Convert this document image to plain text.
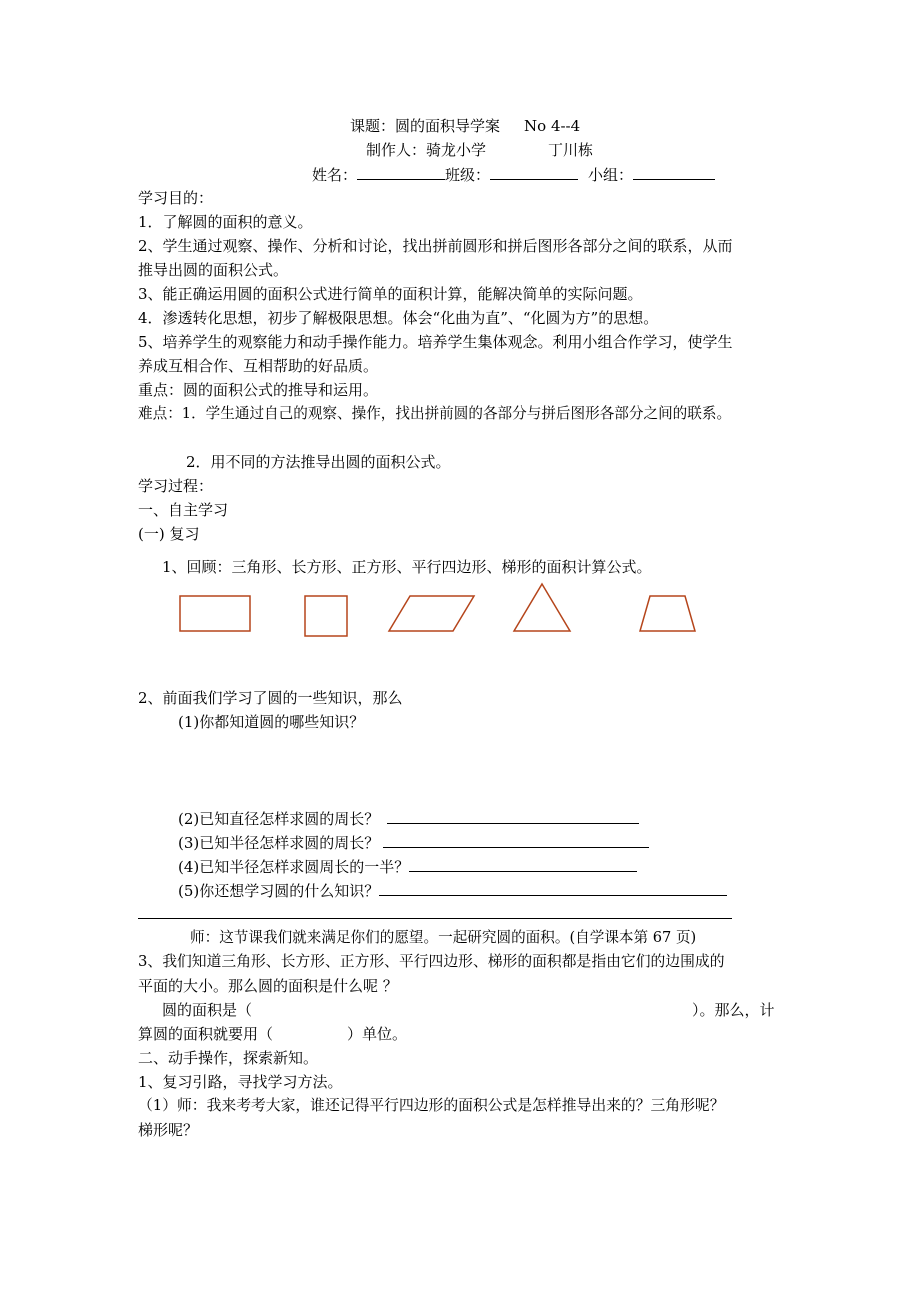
课题：圆的面积导学案 No 4--4
制作人：骑龙小学	丁川栋
姓名：	班级：	小组：
学习目的：
1．了解圆的面积的意义。
2、学生通过观察、操作、分析和讨论，找出拼前圆形和拼后图形各部分之间的联系，从而
推导出圆的面积公式。
3、能正确运用圆的面积公式进行简单的面积计算，能解决简单的实际问题。
4．渗透转化思想，初步了解极限思想。体会“化曲为直”、“化圆为方”的思想。
5、培养学生的观察能力和动手操作能力。培养学生集体观念。利用小组合作学习，使学生
养成互相合作、互相帮助的好品质。
重点：圆的面积公式的推导和运用。
难点：1．学生通过自己的观察、操作，找出拼前圆的各部分与拼后图形各部分之间的联系。
2．用不同的方法推导出圆的面积公式。
学习过程：
一、自主学习
(一) 复习
1、回顾：三角形、长方形、正方形、平行四边形、梯形的面积计算公式。
2、前面我们学习了圆的一些知识，那么
(1)你都知道圆的哪些知识？
(2)已知直径怎样求圆的周长？
(3)已知半径怎样求圆的周长？
(4)已知半径怎样求圆周长的一半？
(5)你还想学习圆的什么知识？
师：这节课我们就来满足你们的愿望。一起研究圆的面积。(自学课本第 67 页)
3、我们知道三角形、长方形、正方形、平行四边形、梯形的面积都是指由它们的边围成的
平面的大小。那么圆的面积是什么呢 ？
圆的面积是（	）。那么，计
算圆的面积就要用（	）单位。
二、动手操作，探索新知。
1、复习引路，寻找学习方法。
（1）师：我来考考大家，谁还记得平行四边形的面积公式是怎样推导出来的？三角形呢？
梯形呢？
